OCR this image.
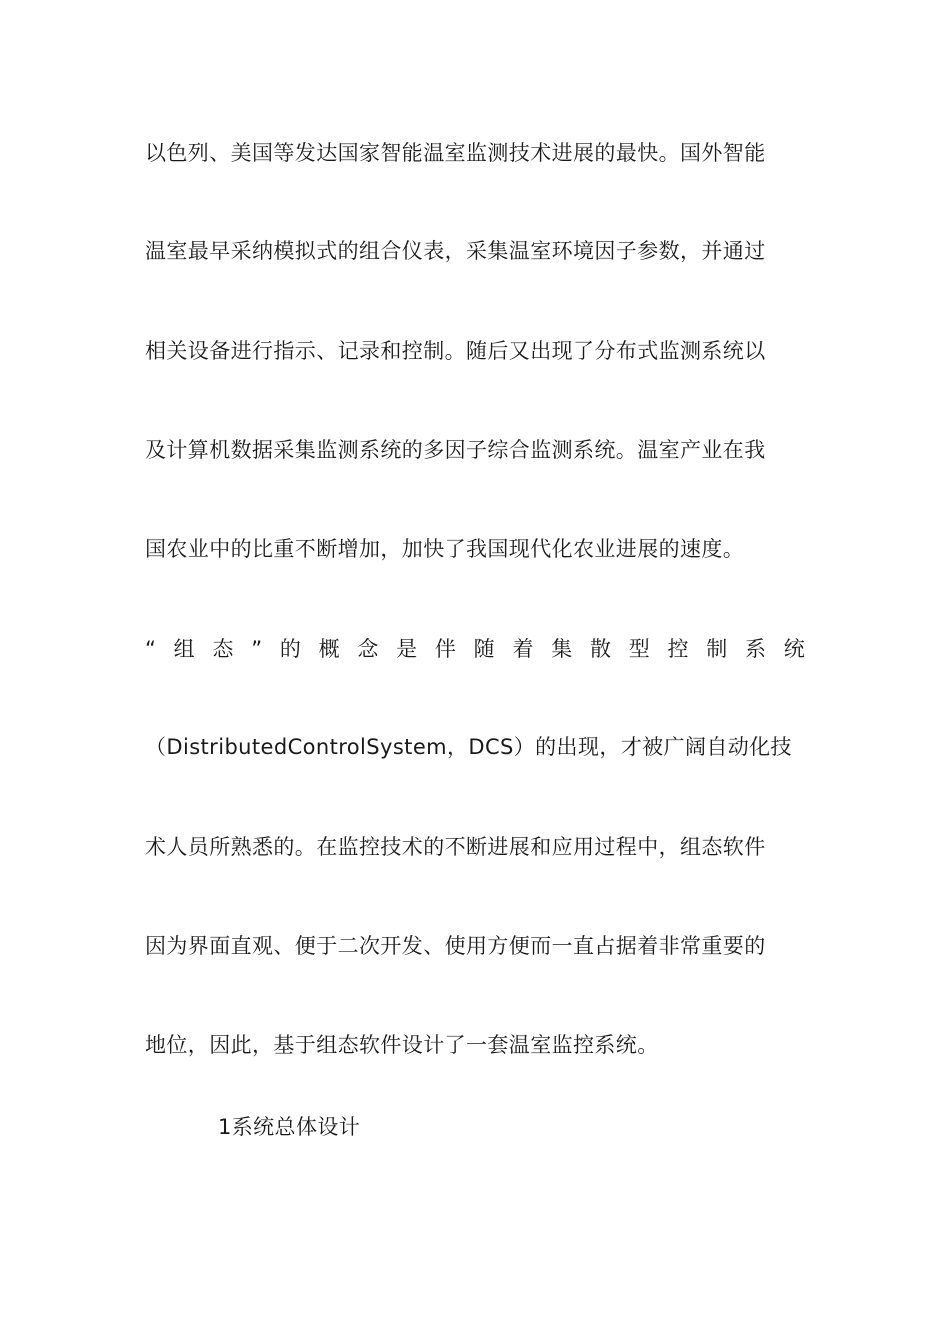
以色列、美国等发达国家智能温室监测技术进展的最快。国外智能
温室最早采纳模拟式的组合仪表，采集温室环境因子参数，并通过
相关设备进行指示、记录和控制。随后又出现了分布式监测系统以
及计算机数据采集监测系统的多因子综合监测系统。温室产业在我
国农业中的比重不断增加，加快了我国现代化农业进展的速度。
“ 组 态 ” 的 概 念 是 伴 随 着 集 散 型 控 制 系 统
（DistributedControlSystem，DCS）的出现，才被广阔自动化技
术人员所熟悉的。在监控技术的不断进展和应用过程中，组态软件
因为界面直观、便于二次开发、使用方便而一直占据着非常重要的
地位，因此，基于组态软件设计了一套温室监控系统。
1系统总体设计
